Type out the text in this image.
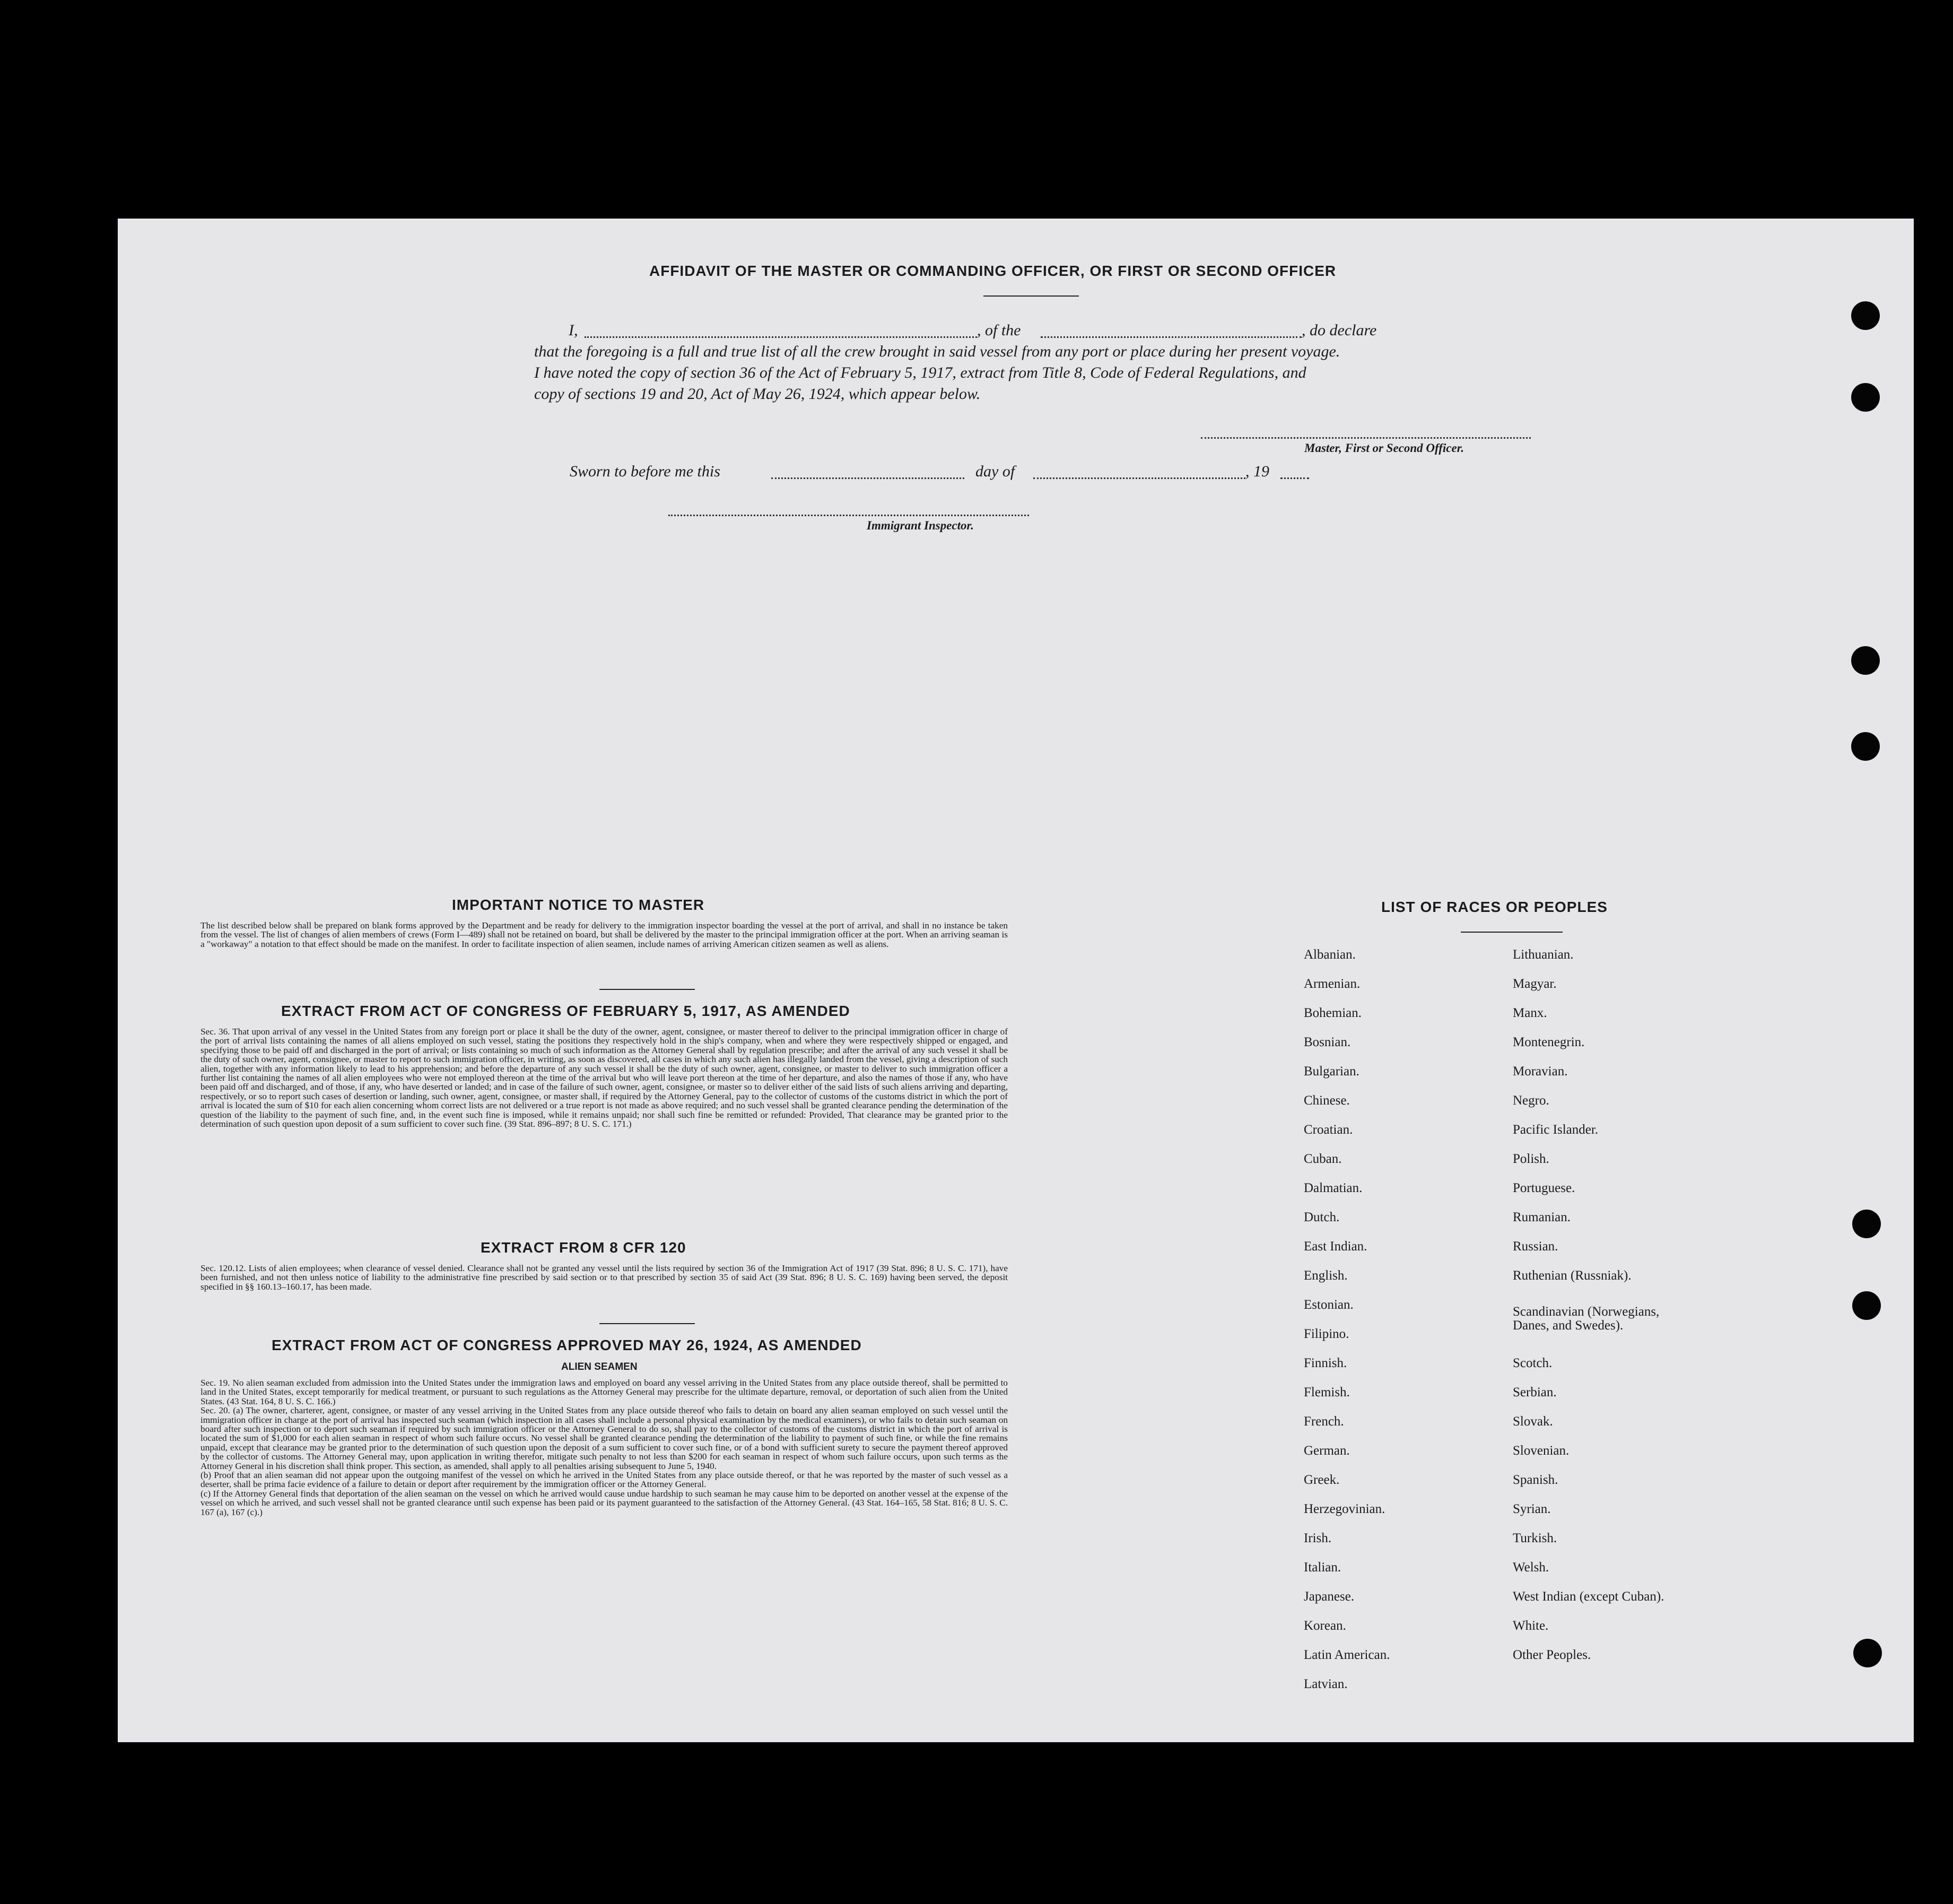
AFFIDAVIT OF THE MASTER OR COMMANDING OFFICER, OR FIRST OR SECOND OFFICER
I,	, of the	, do declare
that the foregoing is a full and true list of all the crew brought in said vessel from any port or place during her present voyage.
I have noted the copy of section 36 of the Act of February 5, 1917, extract from Title 8, Code of Federal Regulations, and
copy of sections 19 and 20, Act of May 26, 1924, which appear below.
Master, First or Second Officer.
Sworn to before me this	day of	, 19
Immigrant Inspector.
IMPORTANT NOTICE TO MASTER
The list described below shall be prepared on blank forms approved by the Department and be ready for delivery to the immigration inspector boarding the vessel at the port of arrival, and shall in no instance be taken from the vessel. The list of changes of alien members of crews (Form I—489) shall not be retained on board, but shall be delivered by the master to the principal immigration officer at the port. When an arriving seaman is a "workaway" a notation to that effect should be made on the manifest. In order to facilitate inspection of alien seamen, include names of arriving American citizen seamen as well as aliens.
EXTRACT FROM ACT OF CONGRESS OF FEBRUARY 5, 1917, AS AMENDED
Sec. 36. That upon arrival of any vessel in the United States from any foreign port or place it shall be the duty of the owner, agent, consignee, or master thereof to deliver to the principal immigration officer in charge of the port of arrival lists containing the names of all aliens employed on such vessel, stating the positions they respectively hold in the ship's company, when and where they were respectively shipped or engaged, and specifying those to be paid off and discharged in the port of arrival; or lists containing so much of such information as the Attorney General shall by regulation prescribe; and after the arrival of any such vessel it shall be the duty of such owner, agent, consignee, or master to report to such immigration officer, in writing, as soon as discovered, all cases in which any such alien has illegally landed from the vessel, giving a description of such alien, together with any information likely to lead to his apprehension; and before the departure of any such vessel it shall be the duty of such owner, agent, consignee, or master to deliver to such immigration officer a further list containing the names of all alien employees who were not employed thereon at the time of the arrival but who will leave port thereon at the time of her departure, and also the names of those if any, who have been paid off and discharged, and of those, if any, who have deserted or landed; and in case of the failure of such owner, agent, consignee, or master so to deliver either of the said lists of such aliens arriving and departing, respectively, or so to report such cases of desertion or landing, such owner, agent, consignee, or master shall, if required by the Attorney General, pay to the collector of customs of the customs district in which the port of arrival is located the sum of $10 for each alien concerning whom correct lists are not delivered or a true report is not made as above required; and no such vessel shall be granted clearance pending the determination of the question of the liability to the payment of such fine, and, in the event such fine is imposed, while it remains unpaid; nor shall such fine be remitted or refunded: Provided, That clearance may be granted prior to the determination of such question upon deposit of a sum sufficient to cover such fine. (39 Stat. 896–897; 8 U. S. C. 171.)
EXTRACT FROM 8 CFR 120
Sec. 120.12. Lists of alien employees; when clearance of vessel denied. Clearance shall not be granted any vessel until the lists required by section 36 of the Immigration Act of 1917 (39 Stat. 896; 8 U. S. C. 171), have been furnished, and not then unless notice of liability to the administrative fine prescribed by said section or to that prescribed by section 35 of said Act (39 Stat. 896; 8 U. S. C. 169) having been served, the deposit specified in §§ 160.13–160.17, has been made.
EXTRACT FROM ACT OF CONGRESS APPROVED MAY 26, 1924, AS AMENDED
ALIEN SEAMEN

Sec. 19. No alien seaman excluded from admission into the United States under the immigration laws and employed on board any vessel arriving in the United States from any place outside thereof, shall be permitted to land in the United States, except temporarily for medical treatment, or pursuant to such regulations as the Attorney General may prescribe for the ultimate departure, removal, or deportation of such alien from the United States. (43 Stat. 164, 8 U. S. C. 166.)

Sec. 20. (a) The owner, charterer, agent, consignee, or master of any vessel arriving in the United States from any place outside thereof who fails to detain on board any alien seaman employed on such vessel until the immigration officer in charge at the port of arrival has inspected such seaman (which inspection in all cases shall include a personal physical examination by the medical examiners), or who fails to detain such seaman on board after such inspection or to deport such seaman if required by such immigration officer or the Attorney General to do so, shall pay to the collector of customs of the customs district in which the port of arrival is located the sum of $1,000 for each alien seaman in respect of whom such failure occurs. No vessel shall be granted clearance pending the determination of the liability to payment of such fine, or while the fine remains unpaid, except that clearance may be granted prior to the determination of such question upon the deposit of a sum sufficient to cover such fine, or of a bond with sufficient surety to secure the payment thereof approved by the collector of customs. The Attorney General may, upon application in writing therefor, mitigate such penalty to not less than $200 for each seaman in respect of whom such failure occurs, upon such terms as the Attorney General in his discretion shall think proper. This section, as amended, shall apply to all penalties arising subsequent to June 5, 1940.

(b) Proof that an alien seaman did not appear upon the outgoing manifest of the vessel on which he arrived in the United States from any place outside thereof, or that he was reported by the master of such vessel as a deserter, shall be prima facie evidence of a failure to detain or deport after requirement by the immigration officer or the Attorney General.

(c) If the Attorney General finds that deportation of the alien seaman on the vessel on which he arrived would cause undue hardship to such seaman he may cause him to be deported on another vessel at the expense of the vessel on which he arrived, and such vessel shall not be granted clearance until such expense has been paid or its payment guaranteed to the satisfaction of the Attorney General. (43 Stat. 164–165, 58 Stat. 816; 8 U. S. C. 167 (a), 167 (c).)

LIST OF RACES OR PEOPLES
Albanian.
Armenian.
Bohemian.
Bosnian.
Bulgarian.
Chinese.
Croatian.
Cuban.
Dalmatian.
Dutch.
East Indian.
English.
Estonian.
Filipino.
Finnish.
Flemish.
French.
German.
Greek.
Herzegovinian.
Irish.
Italian.
Japanese.
Korean.
Latin American.
Latvian.
Lithuanian.
Magyar.
Manx.
Montenegrin.
Moravian.
Negro.
Pacific Islander.
Polish.
Portuguese.
Rumanian.
Russian.
Ruthenian (Russniak).
Scandinavian (Norwegians,
Danes, and Swedes).
Scotch.
Serbian.
Slovak.
Slovenian.
Spanish.
Syrian.
Turkish.
Welsh.
West Indian (except Cuban).
White.
Other Peoples.
